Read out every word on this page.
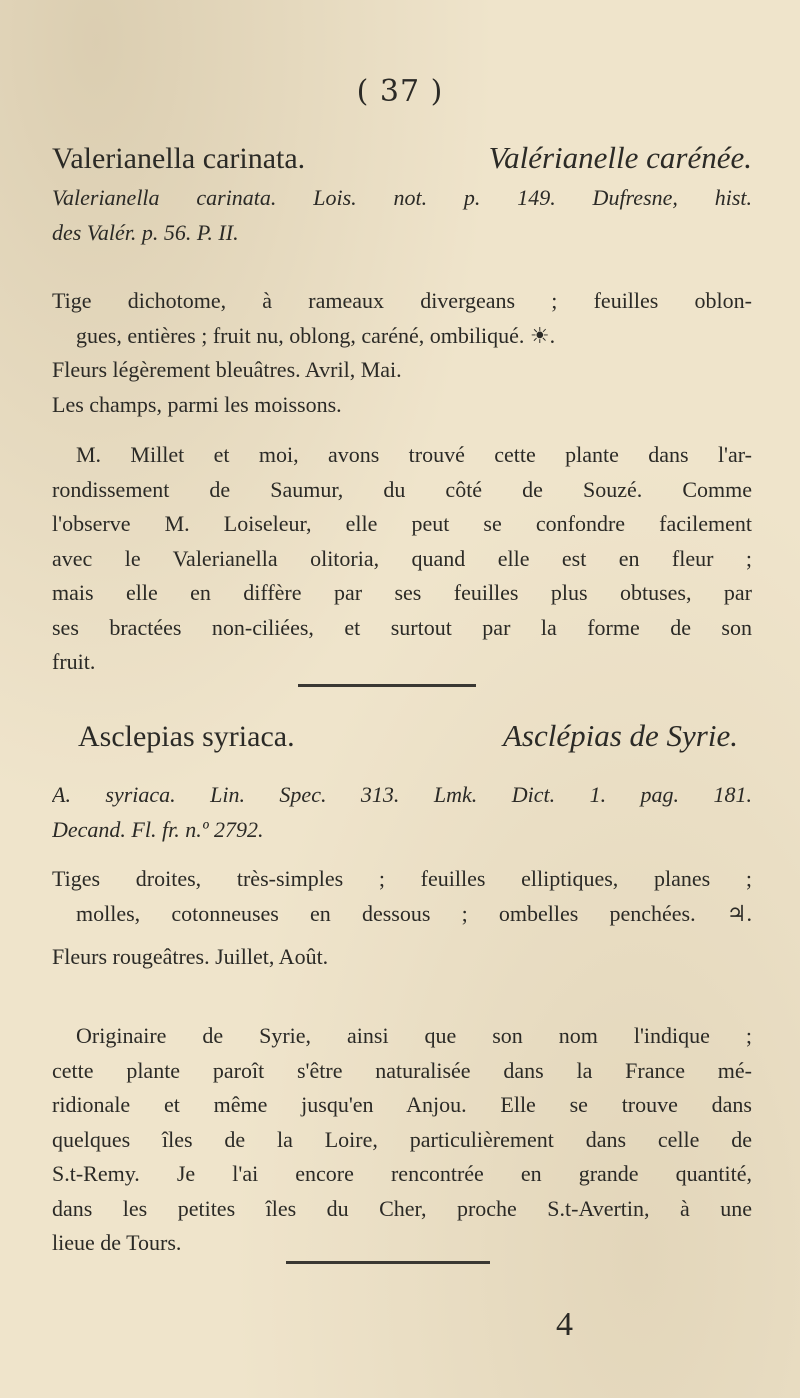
( 37 )
Valerianella carinata.	Valérianelle carénée.
Valerianella carinata. Lois. not. p. 149. Dufresne, hist.
des Valér. p. 56. P. II.
Tige dichotome, à rameaux divergeans ; feuilles oblon-
gues, entières ; fruit nu, oblong, caréné, ombiliqué. ☀.
Fleurs légèrement bleuâtres. Avril, Mai.
Les champs, parmi les moissons.
M. Millet et moi, avons trouvé cette plante dans l'ar-
rondissement de Saumur, du côté de Souzé. Comme
l'observe M. Loiseleur, elle peut se confondre facilement
avec le Valerianella olitoria, quand elle est en fleur ;
mais elle en diffère par ses feuilles plus obtuses, par
ses bractées non-ciliées, et surtout par la forme de son
fruit.
Asclepias syriaca.	Asclépias de Syrie.
A. syriaca. Lin. Spec. 313. Lmk. Dict. 1. pag. 181.
Decand. Fl. fr. n.º 2792.
Tiges droites, très-simples ; feuilles elliptiques, planes ;
molles, cotonneuses en dessous ; ombelles penchées. ♃.
Fleurs rougeâtres. Juillet, Août.
Originaire de Syrie, ainsi que son nom l'indique ;
cette plante paroît s'être naturalisée dans la France mé-
ridionale et même jusqu'en Anjou. Elle se trouve dans
quelques îles de la Loire, particulièrement dans celle de
S.t-Remy. Je l'ai encore rencontrée en grande quantité,
dans les petites îles du Cher, proche S.t-Avertin, à une
lieue de Tours.
4
